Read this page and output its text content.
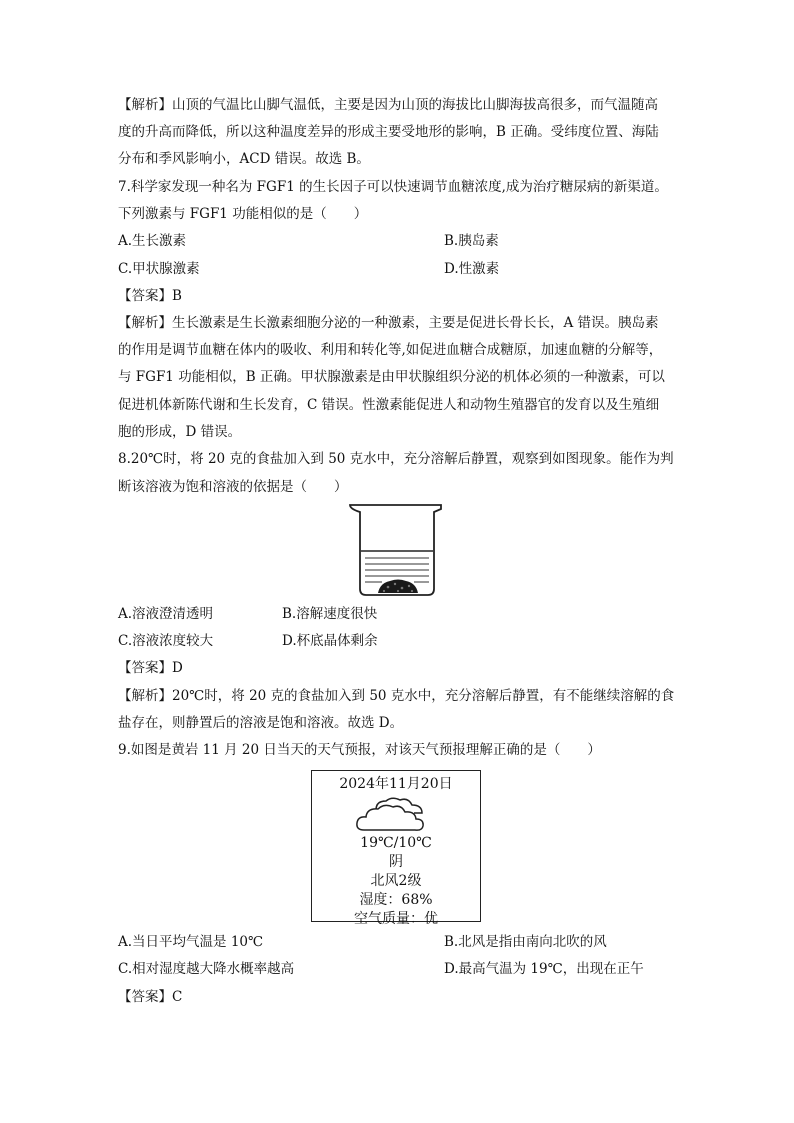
【解析】山顶的气温比山脚气温低，主要是因为山顶的海拔比山脚海拔高很多，而气温随高
度的升高而降低，所以这种温度差异的形成主要受地形的影响，B 正确。受纬度位置、海陆
分布和季风影响小，ACD 错误。故选 B。
7.科学家发现一种名为 FGF1 的生长因子可以快速调节血糖浓度,成为治疗糖尿病的新渠道。
下列激素与 FGF1 功能相似的是（　　）
A.生长激素	B.胰岛素
C.甲状腺激素	D.性激素
【答案】B
【解析】生长激素是生长激素细胞分泌的一种激素，主要是促进长骨长长，A 错误。胰岛素
的作用是调节血糖在体内的吸收、利用和转化等,如促进血糖合成糖原，加速血糖的分解等，
与 FGF1 功能相似，B 正确。甲状腺激素是由甲状腺组织分泌的机体必须的一种激素，可以
促进机体新陈代谢和生长发育，C 错误。性激素能促进人和动物生殖器官的发育以及生殖细
胞的形成，D 错误。
8.20℃时，将 20 克的食盐加入到 50 克水中，充分溶解后静置，观察到如图现象。能作为判
断该溶液为饱和溶液的依据是（　　）
A.溶液澄清透明	B.溶解速度很快
C.溶液浓度较大	D.杯底晶体剩余
【答案】D
【解析】20℃时，将 20 克的食盐加入到 50 克水中，充分溶解后静置，有不能继续溶解的食
盐存在，则静置后的溶液是饱和溶液。故选 D。
9.如图是黄岩 11 月 20 日当天的天气预报，对该天气预报理解正确的是（　　）
2024年11月20日
19℃/10℃
阴
北风2级
湿度：68%
空气质量：优
A.当日平均气温是 10℃	B.北风是指由南向北吹的风
C.相对湿度越大降水概率越高	D.最高气温为 19℃，出现在正午
【答案】C
